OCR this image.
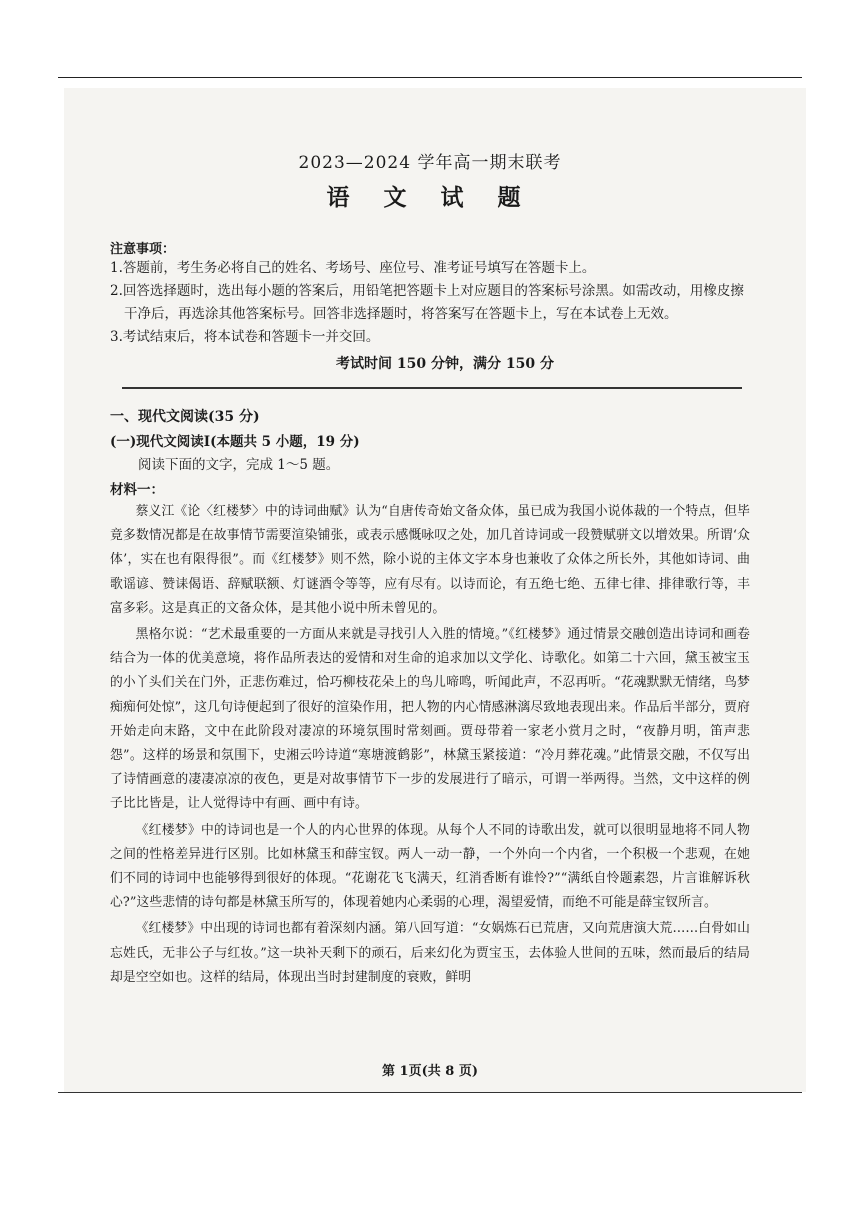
2023—2024 学年高一期末联考
语 文 试 题
注意事项：
1.答题前，考生务必将自己的姓名、考场号、座位号、准考证号填写在答题卡上。
2.回答选择题时，选出每小题的答案后，用铅笔把答题卡上对应题目的答案标号涂黑。如需改动，用橡皮擦干净后，再选涂其他答案标号。回答非选择题时，将答案写在答题卡上，写在本试卷上无效。
3.考试结束后，将本试卷和答题卡一并交回。
考试时间 150 分钟，满分 150 分
一、现代文阅读(35 分)
(一)现代文阅读Ⅰ(本题共 5 小题，19 分)
阅读下面的文字，完成 1～5 题。
材料一：
蔡义江《论〈红楼梦〉中的诗词曲赋》认为“自唐传奇始文备众体，虽已成为我国小说体裁的一个特点，但毕竟多数情况都是在故事情节需要渲染铺张，或表示感慨咏叹之处，加几首诗词或一段赞赋骈文以增效果。所谓‘众体’，实在也有限得很”。而《红楼梦》则不然，除小说的主体文字本身也兼收了众体之所长外，其他如诗词、曲歌谣谚、赞诔偈语、辞赋联额、灯谜酒令等等，应有尽有。以诗而论，有五绝七绝、五律七律、排律歌行等，丰富多彩。这是真正的文备众体，是其他小说中所未曾见的。
黑格尔说：“艺术最重要的一方面从来就是寻找引人入胜的情境。”《红楼梦》通过情景交融创造出诗词和画卷结合为一体的优美意境，将作品所表达的爱情和对生命的追求加以文学化、诗歌化。如第二十六回，黛玉被宝玉的小丫头们关在门外，正悲伤难过，恰巧柳枝花朵上的鸟儿啼鸣，听闻此声，不忍再听。“花魂默默无情绪，鸟梦痴痴何处惊”，这几句诗便起到了很好的渲染作用，把人物的内心情感淋漓尽致地表现出来。作品后半部分，贾府开始走向末路，文中在此阶段对凄凉的环境氛围时常刻画。贾母带着一家老小赏月之时，“夜静月明，笛声悲怨”。这样的场景和氛围下，史湘云吟诗道“寒塘渡鹤影”，林黛玉紧接道：“冷月葬花魂。”此情景交融，不仅写出了诗情画意的凄凄凉凉的夜色，更是对故事情节下一步的发展进行了暗示，可谓一举两得。当然，文中这样的例子比比皆是，让人觉得诗中有画、画中有诗。
《红楼梦》中的诗词也是一个人的内心世界的体现。从每个人不同的诗歌出发，就可以很明显地将不同人物之间的性格差异进行区别。比如林黛玉和薛宝钗。两人一动一静，一个外向一个内省，一个积极一个悲观，在她们不同的诗词中也能够得到很好的体现。“花谢花飞飞满天，红消香断有谁怜?”“满纸自怜题素怨，片言谁解诉秋心?”这些悲情的诗句都是林黛玉所写的，体现着她内心柔弱的心理，渴望爱情，而绝不可能是薛宝钗所言。
《红楼梦》中出现的诗词也都有着深刻内涵。第八回写道：“女娲炼石已荒唐，又向荒唐演大荒……白骨如山忘姓氏，无非公子与红妆。”这一块补天剩下的顽石，后来幻化为贾宝玉，去体验人世间的五味，然而最后的结局却是空空如也。这样的结局，体现出当时封建制度的衰败，鲜明
第 1页(共 8 页)
